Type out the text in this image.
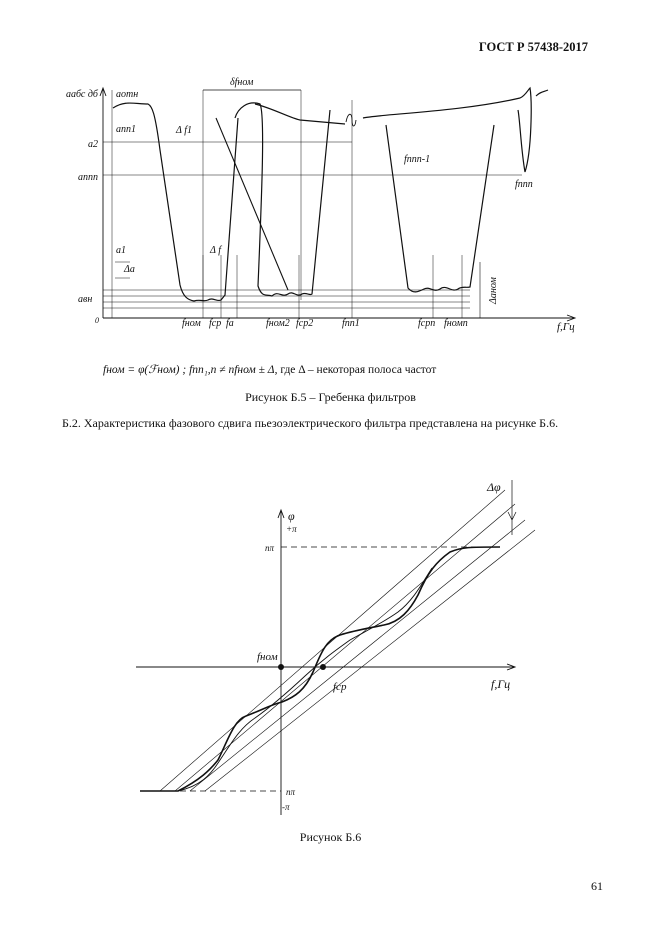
ГОСТ Р 57438-2017
aабс дб aотн
aпп1
a2
aппn
a1
Δa
aвн
0
Δ f1
Δ f
δfном
fппn-1
fппn
Δaном
fном fср fa	fном2 fср2	fпп1	fсрn fномn	f,Гц
fном = φ(ℱном) ; fпп₁,n ≠ nfном ± Δ, где Δ – некоторая полоса частот
Рисунок Б.5 – Гребенка фильтров
Б.2. Характеристика фазового сдвига пьезоэлектрического фильтра представлена на рисунке Б.6.
Δφ
φ
+π
nπ
fном
fср	f,Гц
nπ
-π
Рисунок Б.6
61
